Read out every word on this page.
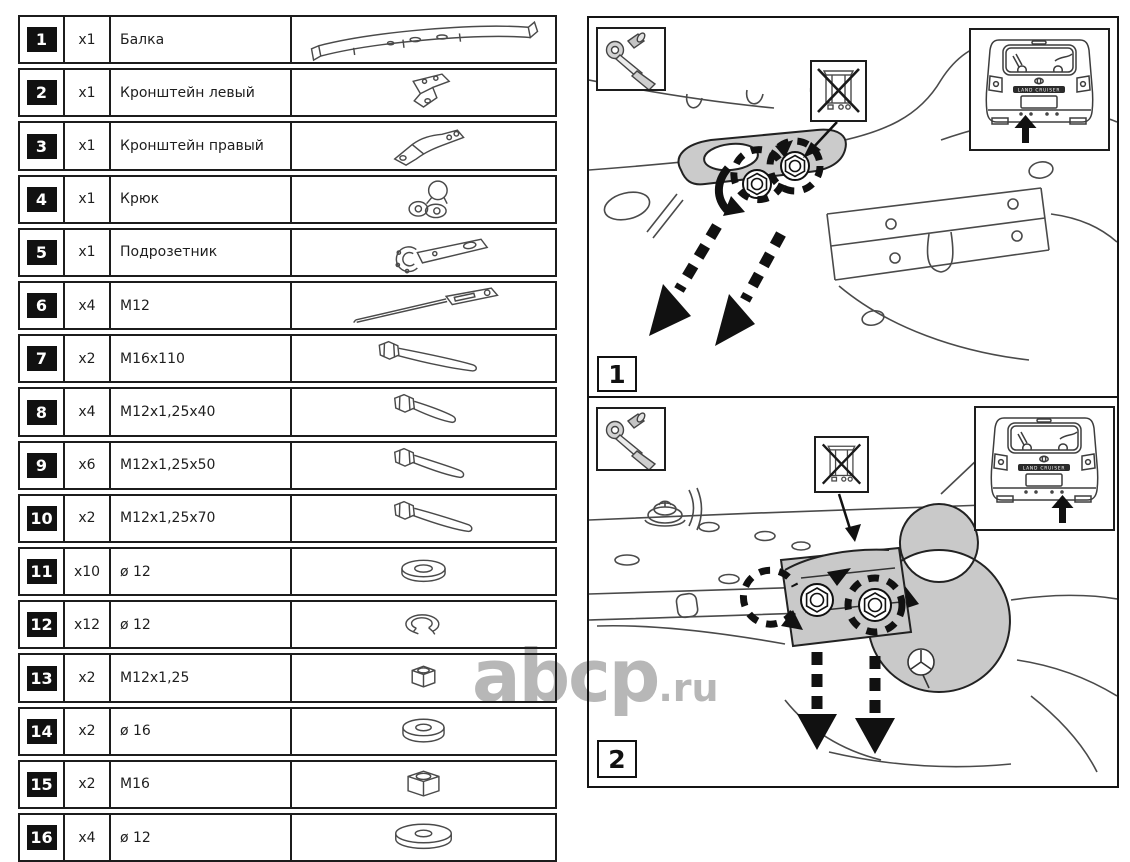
abcp.ru
1	x1	Балка
2	x1	Кронштейн левый
3	x1	Кронштейн правый
4	x1	Крюк
5	x1	Подрозетник
6	x4	M12
7	x2	M16x110
8	x4	M12x1,25x40
9	x6	M12x1,25x50
10	x2	M12x1,25x70
11	x10	ø 12
12	x12	ø 12
13	x2	M12x1,25
14	x2	ø 16
15	x2	M16
16	x4	ø 12
LAND CRUISER
1
LAND CRUISER
2
